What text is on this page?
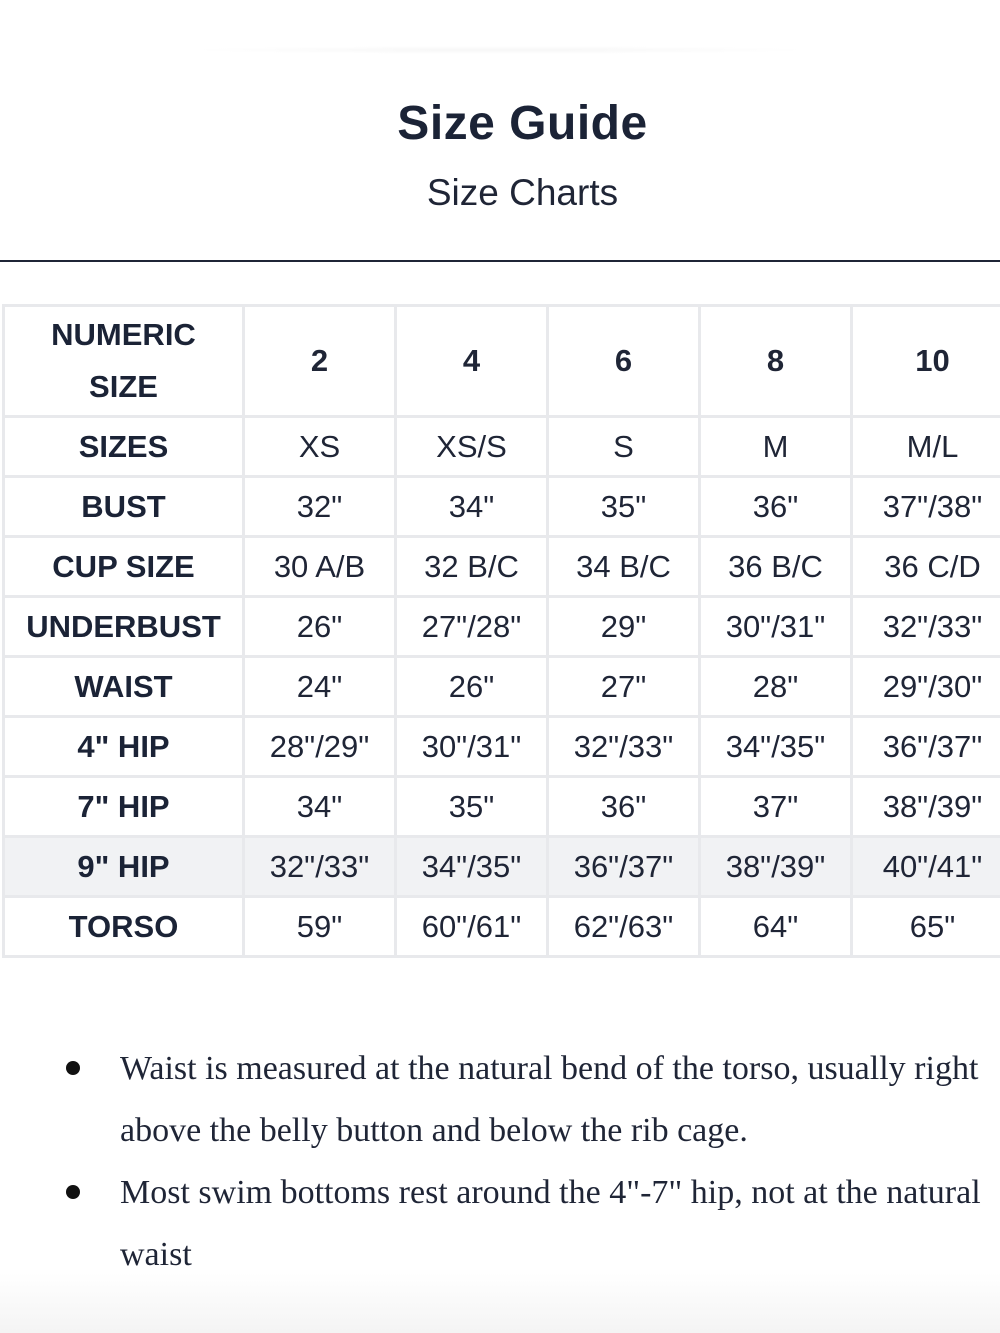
Size Guide
Size Charts
NUMERIC SIZE	2	4	6	8	10
SIZES	XS	XS/S	S	M	M/L
BUST	32"	34"	35"	36"	37"/38"
CUP SIZE	30 A/B	32 B/C	34 B/C	36 B/C	36 C/D
UNDERBUST	26"	27"/28"	29"	30"/31"	32"/33"
WAIST	24"	26"	27"	28"	29"/30"
4" HIP	28"/29"	30"/31"	32"/33"	34"/35"	36"/37"
7" HIP	34"	35"	36"	37"	38"/39"
9" HIP	32"/33"	34"/35"	36"/37"	38"/39"	40"/41"
TORSO	59"	60"/61"	62"/63"	64"	65"
Waist is measured at the natural bend of the torso, usually right above the belly button and below the rib cage.
Most swim bottoms rest around the 4"-7" hip, not at the natural waist
